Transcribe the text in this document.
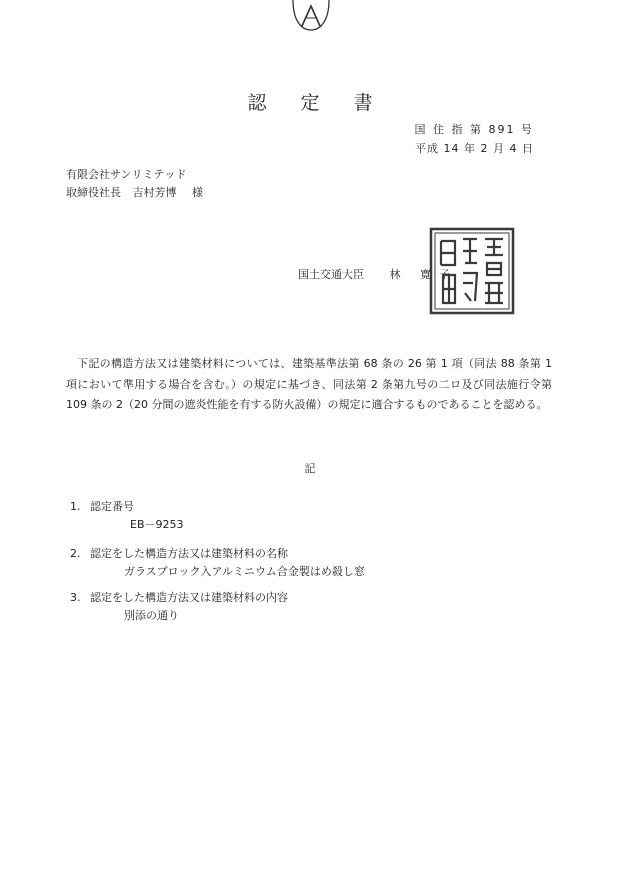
認 定 書
国 住 指 第 891 号
平成 14 年 2 月 4 日
有限会社サンリミテッド
取締役社長 吉村芳博 様
国土交通大臣 林 寛子

下記の構造方法又は建築材料については、建築基準法第 68 条の 26 第 1 項（同法 88 条第 1 項において準用する場合を含む。）の規定に基づき、同法第 2 条第九号の二ロ及び同法施行令第 109 条の 2（20 分間の遮炎性能を有する防火設備）の規定に適合するものであることを認める。

記
1. 認定番号
EB－9253
2. 認定をした構造方法又は建築材料の名称
ガラスブロック入アルミニウム合金製はめ殺し窓
3. 認定をした構造方法又は建築材料の内容
別添の通り
